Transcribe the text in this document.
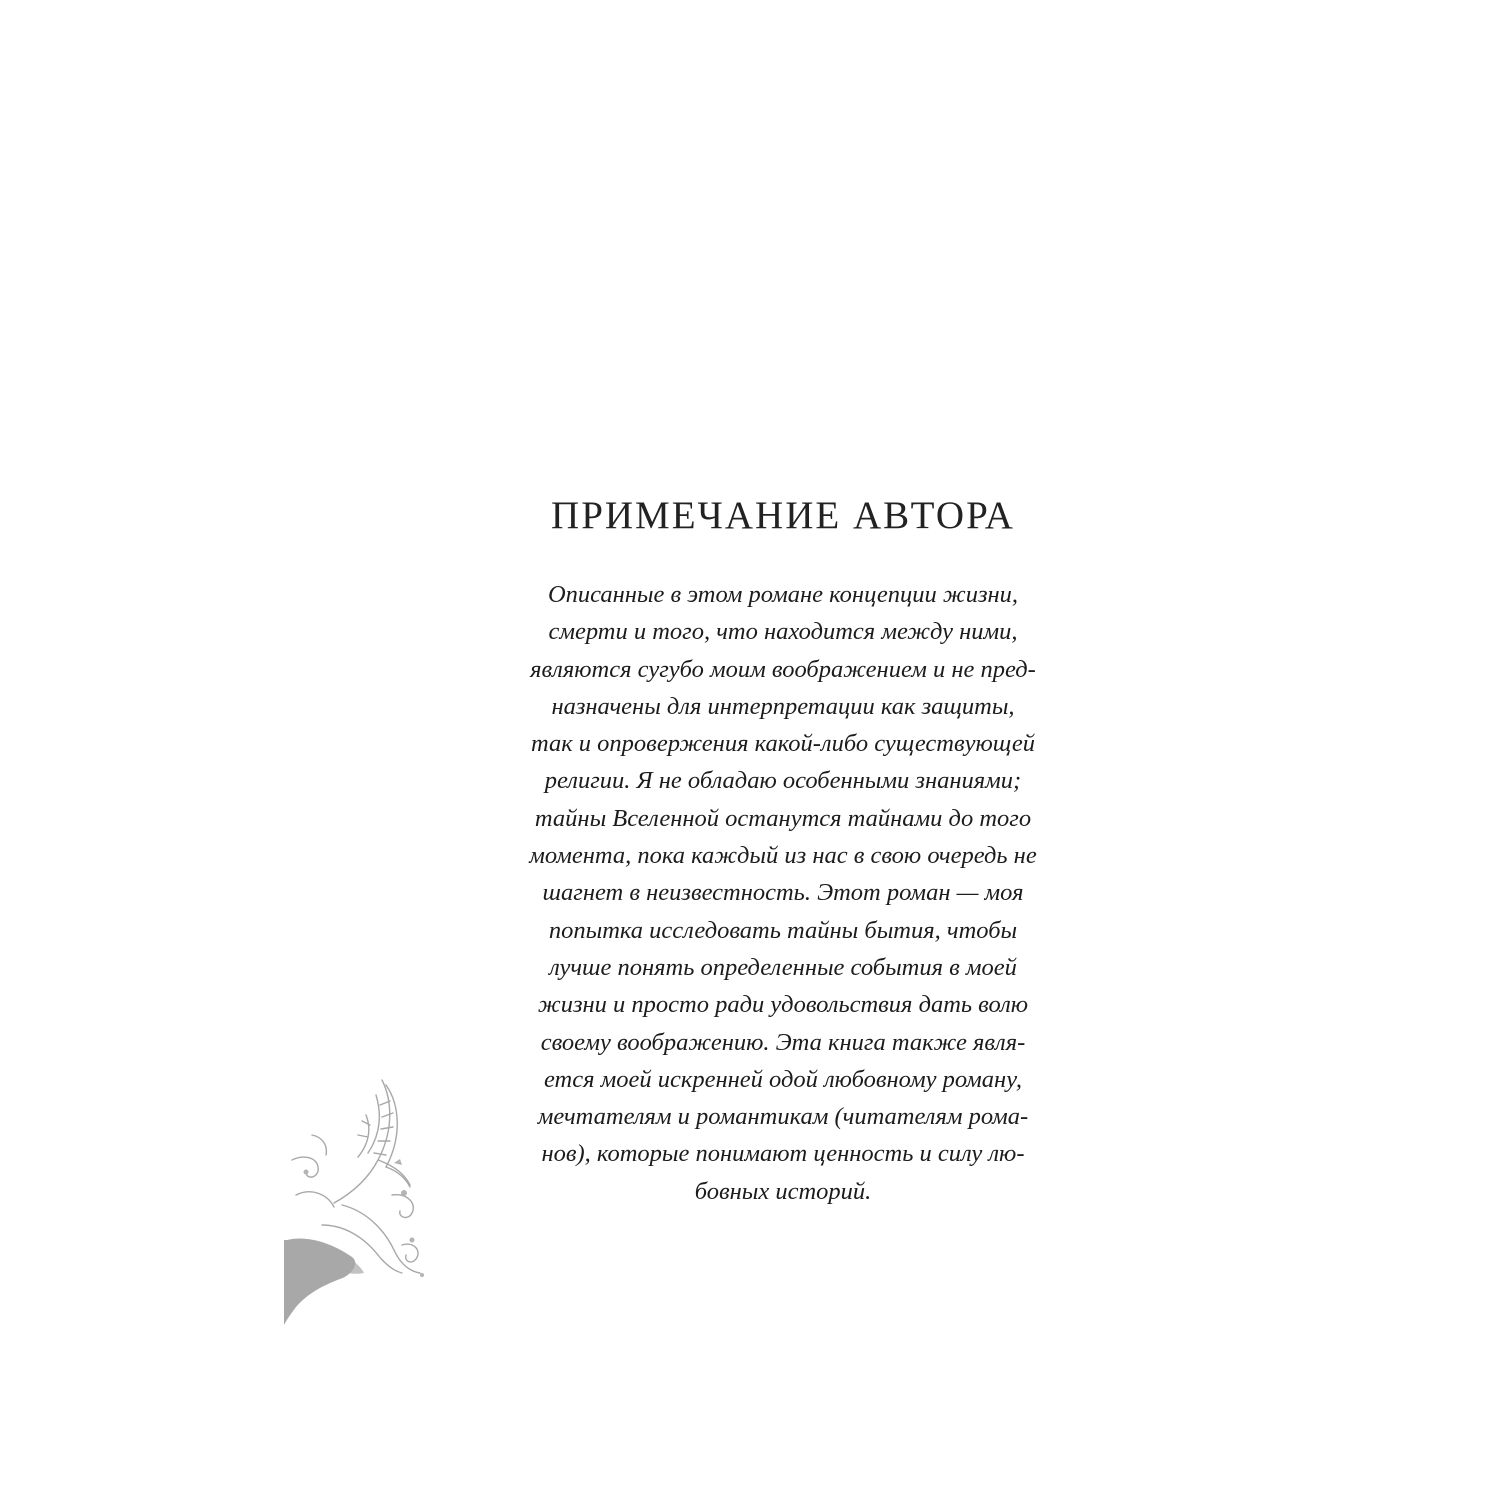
ПРИМЕЧАНИЕ АВТОРА
Описанные в этом романе концепции жизни,
смерти и того, что находится между ними,
являются сугубо моим воображением и не пред-
назначены для интерпретации как защиты,
так и опровержения какой-либо существующей
религии. Я не обладаю особенными знаниями;
тайны Вселенной останутся тайнами до того
момента, пока каждый из нас в свою очередь не
шагнет в неизвестность. Этот роман — моя
попытка исследовать тайны бытия, чтобы
лучше понять определенные события в моей
жизни и просто ради удовольствия дать волю
своему воображению. Эта книга также явля-
ется моей искренней одой любовному роману,
мечтателям и романтикам (читателям рома-
нов), которые понимают ценность и силу лю-
бовных историй.
